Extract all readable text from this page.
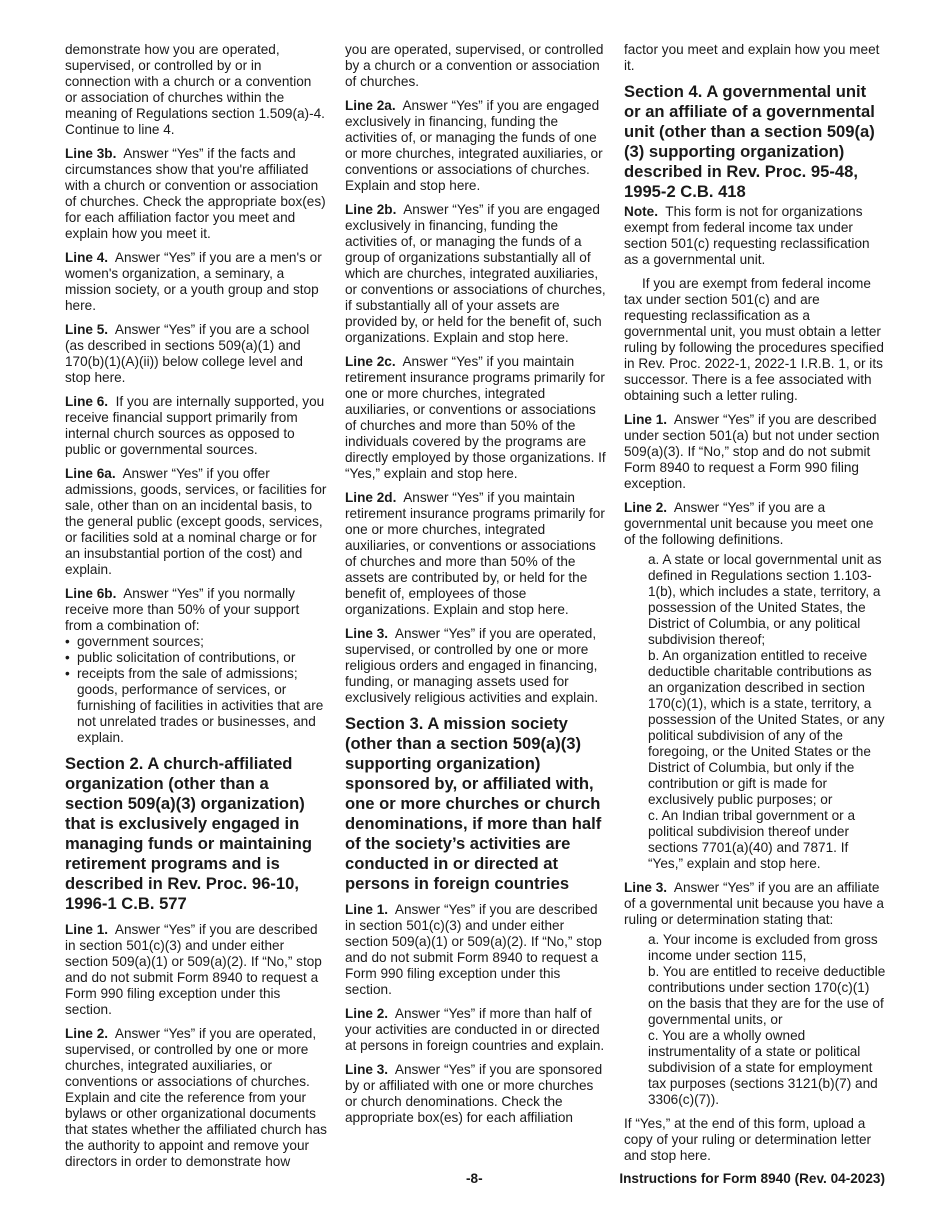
demonstrate how you are operated, supervised, or controlled by or in connection with a church or a convention or association of churches within the meaning of Regulations section 1.509(a)-4. Continue to line 4.

Line 3b. Answer “Yes” if the facts and circumstances show that you're affiliated with a church or convention or association of churches. Check the appropriate box(es) for each affiliation factor you meet and explain how you meet it.

Line 4. Answer “Yes” if you are a men's or women's organization, a seminary, a mission society, or a youth group and stop here.

Line 5. Answer “Yes” if you are a school (as described in sections 509(a)(1) and 170(b)(1)(A)(ii)) below college level and stop here.

Line 6. If you are internally supported, you receive financial support primarily from internal church sources as opposed to public or governmental sources.

Line 6a. Answer “Yes” if you offer admissions, goods, services, or facilities for sale, other than on an incidental basis, to the general public (except goods, services, or facilities sold at a nominal charge or for an insubstantial portion of the cost) and explain.

Line 6b. Answer “Yes” if you normally receive more than 50% of your support from a combination of:

• government sources;
• public solicitation of contributions, or
• receipts from the sale of admissions; goods, performance of services, or furnishing of facilities in activities that are not unrelated trades or businesses, and explain.
Section 2. A church-affiliated organization (other than a section 509(a)(3) organization) that is exclusively engaged in managing funds or maintaining retirement programs and is described in Rev. Proc. 96-10, 1996-1 C.B. 577

Line 1. Answer “Yes” if you are described in section 501(c)(3) and under either section 509(a)(1) or 509(a)(2). If “No,” stop and do not submit Form 8940 to request a Form 990 filing exception under this section.

Line 2. Answer “Yes” if you are operated, supervised, or controlled by one or more churches, integrated auxiliaries, or conventions or associations of churches. Explain and cite the reference from your bylaws or other organizational documents that states whether the affiliated church has the authority to appoint and remove your directors in order to demonstrate how

you are operated, supervised, or controlled by a church or a convention or association of churches.

Line 2a. Answer “Yes” if you are engaged exclusively in financing, funding the activities of, or managing the funds of one or more churches, integrated auxiliaries, or conventions or associations of churches. Explain and stop here.

Line 2b. Answer “Yes” if you are engaged exclusively in financing, funding the activities of, or managing the funds of a group of organizations substantially all of which are churches, integrated auxiliaries, or conventions or associations of churches, if substantially all of your assets are provided by, or held for the benefit of, such organizations. Explain and stop here.

Line 2c. Answer “Yes” if you maintain retirement insurance programs primarily for one or more churches, integrated auxiliaries, or conventions or associations of churches and more than 50% of the individuals covered by the programs are directly employed by those organizations. If “Yes,” explain and stop here.

Line 2d. Answer “Yes” if you maintain retirement insurance programs primarily for one or more churches, integrated auxiliaries, or conventions or associations of churches and more than 50% of the assets are contributed by, or held for the benefit of, employees of those organizations. Explain and stop here.

Line 3. Answer “Yes” if you are operated, supervised, or controlled by one or more religious orders and engaged in financing, funding, or managing assets used for exclusively religious activities and explain.

Section 3. A mission society (other than a section 509(a)(3) supporting organization) sponsored by, or affiliated with, one or more churches or church denominations, if more than half of the society’s activities are conducted in or directed at persons in foreign countries

Line 1. Answer “Yes” if you are described in section 501(c)(3) and under either section 509(a)(1) or 509(a)(2). If “No,” stop and do not submit Form 8940 to request a Form 990 filing exception under this section.

Line 2. Answer “Yes” if more than half of your activities are conducted in or directed at persons in foreign countries and explain.

Line 3. Answer “Yes” if you are sponsored by or affiliated with one or more churches or church denominations. Check the appropriate box(es) for each affiliation

factor you meet and explain how you meet it.

Section 4. A governmental unit or an affiliate of a governmental unit (other than a section 509(a)(3) supporting organization) described in Rev. Proc. 95-48, 1995-2 C.B. 418

Note. This form is not for organizations exempt from federal income tax under section 501(c) requesting reclassification as a governmental unit.

If you are exempt from federal income tax under section 501(c) and are requesting reclassification as a governmental unit, you must obtain a letter ruling by following the procedures specified in Rev. Proc. 2022-1, 2022-1 I.R.B. 1, or its successor. There is a fee associated with obtaining such a letter ruling.

Line 1. Answer “Yes” if you are described under section 501(a) but not under section 509(a)(3). If “No,” stop and do not submit Form 8940 to request a Form 990 filing exception.

Line 2. Answer “Yes” if you are a governmental unit because you meet one of the following definitions.

a. A state or local governmental unit as defined in Regulations section 1.103-1(b), which includes a state, territory, a possession of the United States, the District of Columbia, or any political subdivision thereof;
b. An organization entitled to receive deductible charitable contributions as an organization described in section 170(c)(1), which is a state, territory, a possession of the United States, or any political subdivision of any of the foregoing, or the United States or the District of Columbia, but only if the contribution or gift is made for exclusively public purposes; or
c. An Indian tribal government or a political subdivision thereof under sections 7701(a)(40) and 7871. If “Yes,” explain and stop here.

Line 3. Answer “Yes” if you are an affiliate of a governmental unit because you have a ruling or determination stating that:

a. Your income is excluded from gross income under section 115,
b. You are entitled to receive deductible contributions under section 170(c)(1) on the basis that they are for the use of governmental units, or
c. You are a wholly owned instrumentality of a state or political subdivision of a state for employment tax purposes (sections 3121(b)(7) and 3306(c)(7)).

If “Yes,” at the end of this form, upload a copy of your ruling or determination letter and stop here.

-8-	Instructions for Form 8940 (Rev. 04-2023)
